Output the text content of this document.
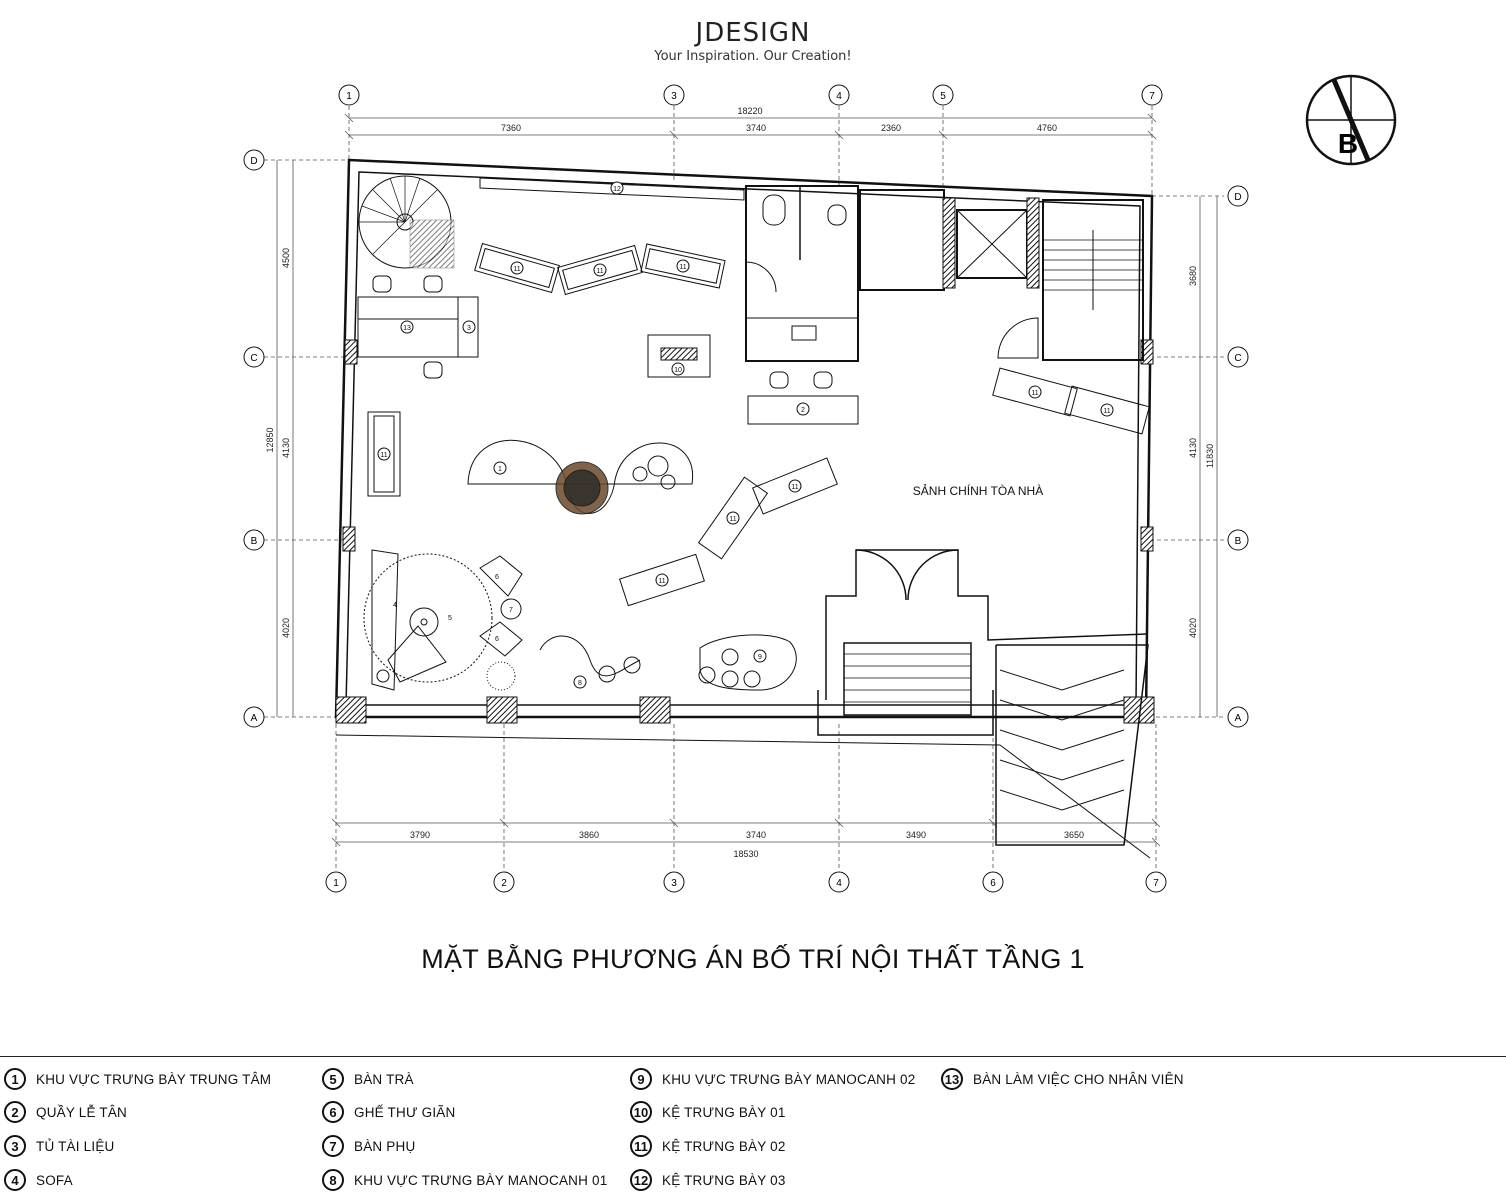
JDESIGN
Your Inspiration. Our Creation!
B
18220
7360	3740	2360	4760
3790	3860	3740	3490	3650
18530
12850
4500
4130
4020
11830
3680
4130
4020
1	3	4	5	7
1	2	3	4	6	7
D
C
B
A
D
C
B
A
12
11	11
11
11
11
11
11
11
11
13	3
10
2
1
4
5
6
6
7
8
9
SẢNH CHÍNH TÒA NHÀ
MẶT BẰNG PHƯƠNG ÁN BỐ TRÍ NỘI THẤT TẦNG 1
1	KHU VỰC TRƯNG BÀY TRUNG TÂM
2	QUẦY LỄ TÂN
3	TỦ TÀI LIỆU
4	SOFA
5	BÀN TRÀ
6	GHẾ THƯ GIÃN
7	BÀN PHỤ
8	KHU VỰC TRƯNG BÀY MANOCANH 01
9	KHU VỰC TRƯNG BÀY MANOCANH 02
10 KỆ TRƯNG BÀY 01
11	KỆ TRƯNG BÀY 02
12 KỆ TRƯNG BÀY 03
13 BÀN LÀM VIỆC CHO NHÂN VIÊN
